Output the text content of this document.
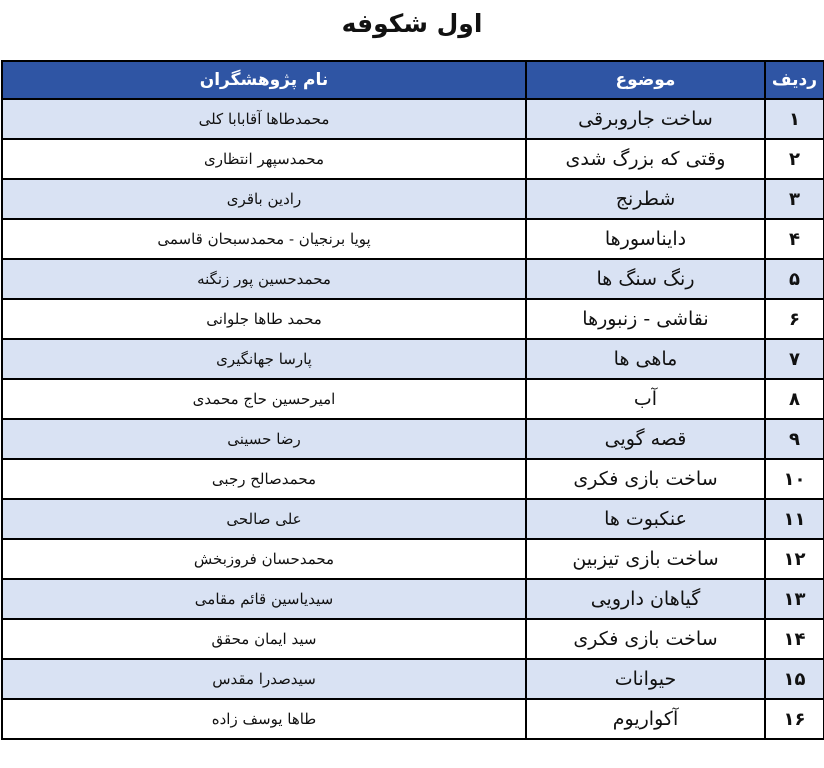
اول شکوفه
ردیف	موضوع	نام پژوهشگران
۱	ساخت جاروبرقی	محمدطاها آقابابا کلی
۲	وقتی که بزرگ شدی	محمدسپهر انتظاری
۳	شطرنج	رادین باقری
۴	دایناسورها	پویا برنجیان - محمدسبحان قاسمی
۵	رنگ سنگ ها	محمدحسین پور زنگنه
۶	نقاشی - زنبورها	محمد طاها جلوانی
۷	ماهی ها	پارسا جهانگیری
۸	آب	امیرحسین حاج محمدی
۹	قصه گویی	رضا حسینی
۱۰	ساخت بازی فکری	محمدصالح رجبی
۱۱	عنکبوت ها	علی صالحی
۱۲	ساخت بازی تیزبین	محمدحسان فروزبخش
۱۳	گیاهان دارویی	سیدیاسین قائم مقامی
۱۴	ساخت بازی فکری	سید ایمان محقق
۱۵	حیوانات	سیدصدرا مقدس
۱۶	آکواریوم	طاها یوسف زاده
